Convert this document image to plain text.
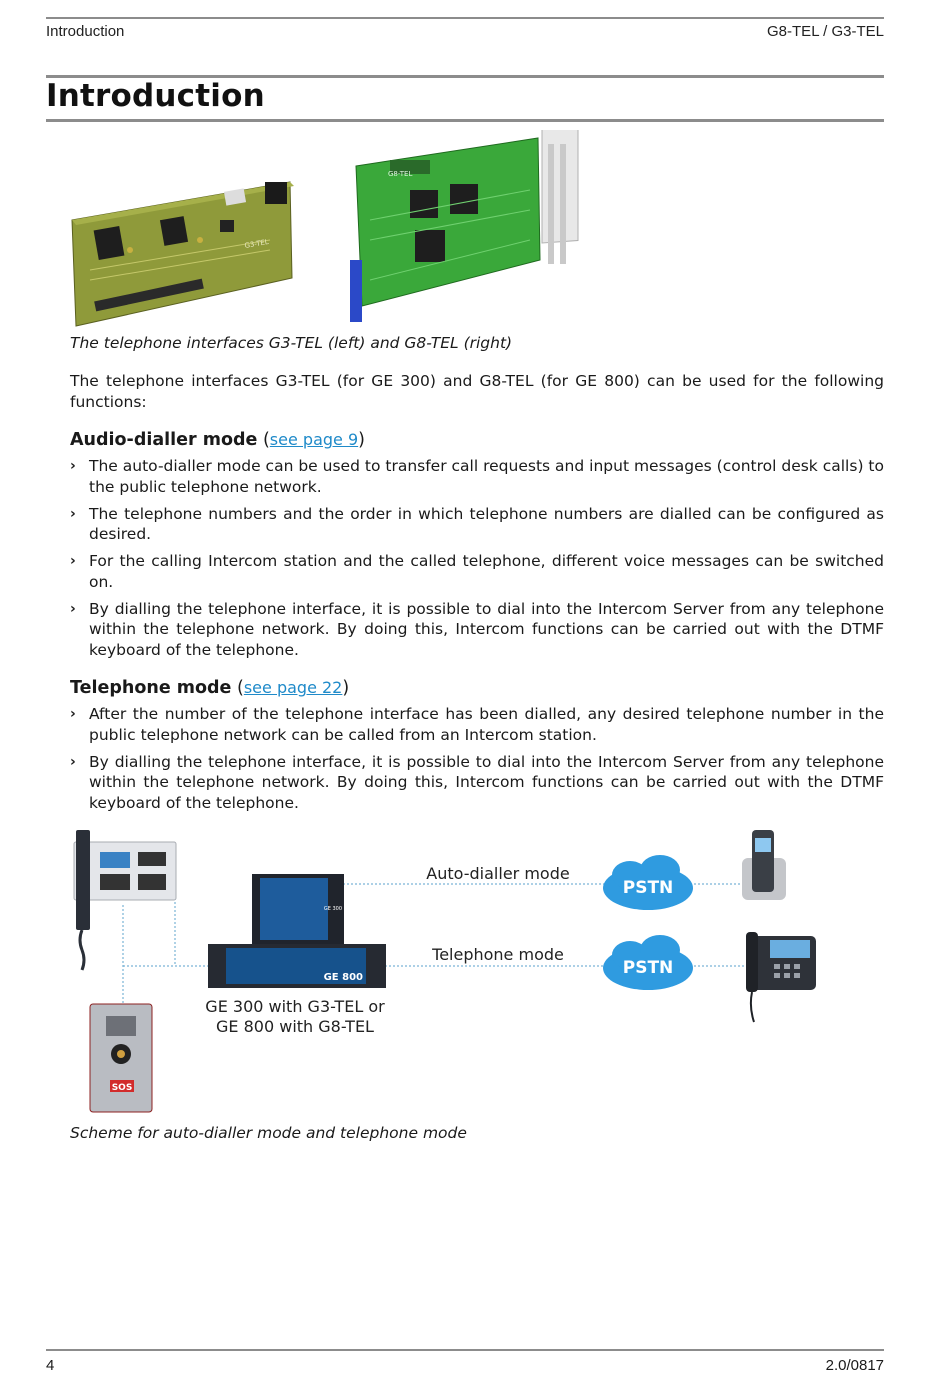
Introduction	G8-TEL / G3-TEL
Introduction
G3-TEL
G8-TEL
The telephone interfaces G3-TEL (left) and G8-TEL (right)
The telephone interfaces G3-TEL (for GE 300) and G8-TEL (for GE 800) can be used for the following functions:
Audio-dialler mode (see page 9)
› The auto-dialler mode can be used to transfer call requests and input messages (control desk calls) to the public telephone network.
› The telephone numbers and the order in which telephone numbers are dialled can be configured as desired.
› For the calling Intercom station and the called telephone, different voice messages can be switched on.
› By dialling the telephone interface, it is possible to dial into the Intercom Server from any telephone within the telephone network. By doing this, Intercom functions can be carried out with the DTMF keyboard of the telephone.
Telephone mode (see page 22)
› After the number of the telephone interface has been dialled, any desired telephone number in the public telephone network can be called from an Intercom station.
› By dialling the telephone interface, it is possible to dial into the Intercom Server from any telephone within the telephone network. By doing this, Intercom functions can be carried out with the DTMF keyboard of the telephone.
SOS
GE 300
GE 800
PSTN
PSTN
Auto-dialler mode
Telephone mode
GE 300 with G3-TEL or
GE 800 with G8-TEL
Scheme for auto-dialler mode and telephone mode
4	2.0/0817
